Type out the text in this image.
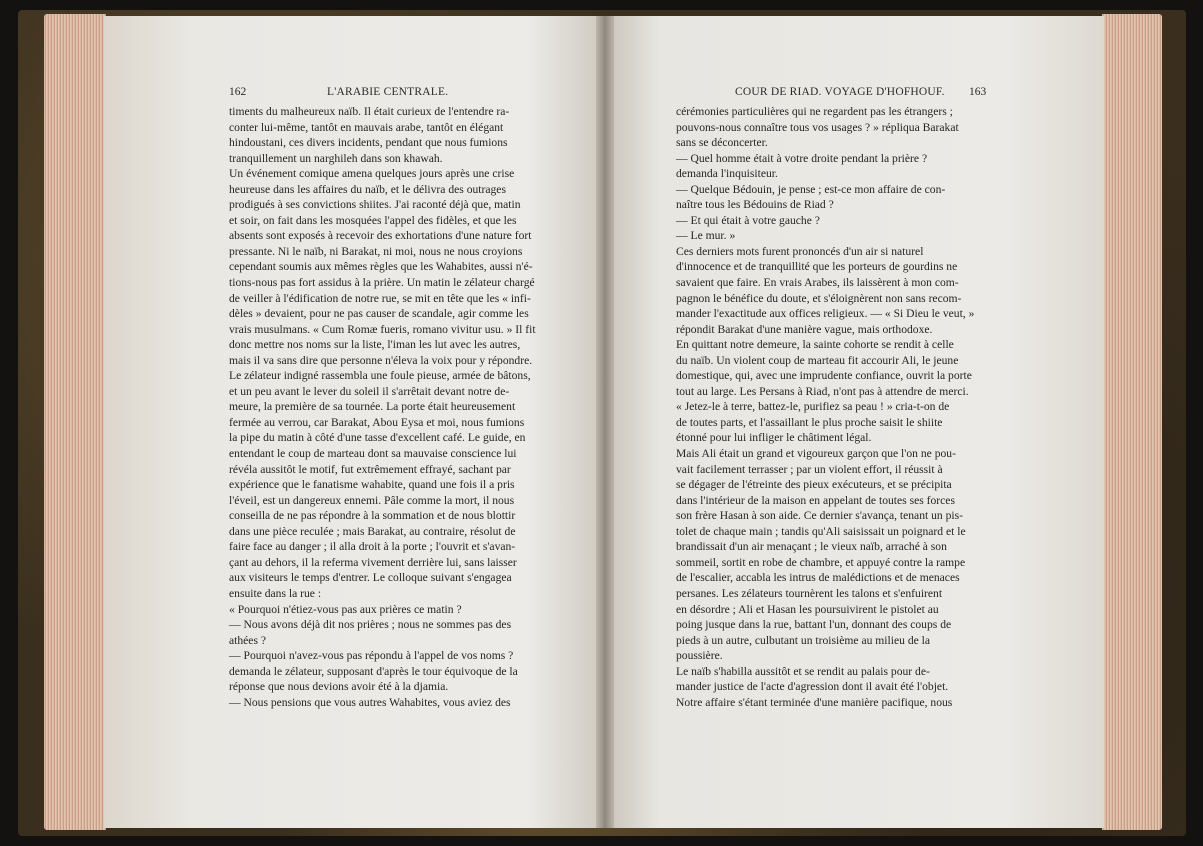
162	L'ARABIE CENTRALE.	COUR DE RIAD. VOYAGE D'HOFHOUF. 163
timents du malheureux naïb. Il était curieux de l'entendre ra-
conter lui-même, tantôt en mauvais arabe, tantôt en élégant
hindoustani, ces divers incidents, pendant que nous fumions
tranquillement un narghileh dans son khawah.
Un événement comique amena quelques jours après une crise
heureuse dans les affaires du naïb, et le délivra des outrages
prodigués à ses convictions shiites. J'ai raconté déjà que, matin
et soir, on fait dans les mosquées l'appel des fidèles, et que les
absents sont exposés à recevoir des exhortations d'une nature fort
pressante. Ni le naïb, ni Barakat, ni moi, nous ne nous croyions
cependant soumis aux mêmes règles que les Wahabites, aussi n'é-
tions-nous pas fort assidus à la prière. Un matin le zélateur chargé
de veiller à l'édification de notre rue, se mit en tête que les « infi-
dèles » devaient, pour ne pas causer de scandale, agir comme les
vrais musulmans. « Cum Romæ fueris, romano vivitur usu. » Il fit
donc mettre nos noms sur la liste, l'iman les lut avec les autres,
mais il va sans dire que personne n'éleva la voix pour y répondre.
Le zélateur indigné rassembla une foule pieuse, armée de bâtons,
et un peu avant le lever du soleil il s'arrêtait devant notre de-
meure, la première de sa tournée. La porte était heureusement
fermée au verrou, car Barakat, Abou Eysa et moi, nous fumions
la pipe du matin à côté d'une tasse d'excellent café. Le guide, en
entendant le coup de marteau dont sa mauvaise conscience lui
révéla aussitôt le motif, fut extrêmement effrayé, sachant par
expérience que le fanatisme wahabite, quand une fois il a pris
l'éveil, est un dangereux ennemi. Pâle comme la mort, il nous
conseilla de ne pas répondre à la sommation et de nous blottir
dans une pièce reculée ; mais Barakat, au contraire, résolut de
faire face au danger ; il alla droit à la porte ; l'ouvrit et s'avan-
çant au dehors, il la referma vivement derrière lui, sans laisser
aux visiteurs le temps d'entrer. Le colloque suivant s'engagea
ensuite dans la rue :
« Pourquoi n'étiez-vous pas aux prières ce matin ?
— Nous avons déjà dit nos prières ; nous ne sommes pas des
athées ?
— Pourquoi n'avez-vous pas répondu à l'appel de vos noms ?
demanda le zélateur, supposant d'après le tour équivoque de la
réponse que nous devions avoir été à la djamia.
— Nous pensions que vous autres Wahabites, vous aviez des
cérémonies particulières qui ne regardent pas les étrangers ;
pouvons-nous connaître tous vos usages ? » répliqua Barakat
sans se déconcerter.
— Quel homme était à votre droite pendant la prière ?
demanda l'inquisiteur.
— Quelque Bédouin, je pense ; est-ce mon affaire de con-
naître tous les Bédouins de Riad ?
— Et qui était à votre gauche ?
— Le mur. »
Ces derniers mots furent prononcés d'un air si naturel
d'innocence et de tranquillité que les porteurs de gourdins ne
savaient que faire. En vrais Arabes, ils laissèrent à mon com-
pagnon le bénéfice du doute, et s'éloignèrent non sans recom-
mander l'exactitude aux offices religieux. — « Si Dieu le veut, »
répondit Barakat d'une manière vague, mais orthodoxe.
En quittant notre demeure, la sainte cohorte se rendit à celle
du naïb. Un violent coup de marteau fit accourir Ali, le jeune
domestique, qui, avec une imprudente confiance, ouvrit la porte
tout au large. Les Persans à Riad, n'ont pas à attendre de merci.
« Jetez-le à terre, battez-le, purifiez sa peau ! » cria-t-on de
de toutes parts, et l'assaillant le plus proche saisit le shiite
étonné pour lui infliger le châtiment légal.
Mais Ali était un grand et vigoureux garçon que l'on ne pou-
vait facilement terrasser ; par un violent effort, il réussit à
se dégager de l'étreinte des pieux exécuteurs, et se précipita
dans l'intérieur de la maison en appelant de toutes ses forces
son frère Hasan à son aide. Ce dernier s'avança, tenant un pis-
tolet de chaque main ; tandis qu'Ali saisissait un poignard et le
brandissait d'un air menaçant ; le vieux naïb, arraché à son
sommeil, sortit en robe de chambre, et appuyé contre la rampe
de l'escalier, accabla les intrus de malédictions et de menaces
persanes. Les zélateurs tournèrent les talons et s'enfuirent
en désordre ; Ali et Hasan les poursuivirent le pistolet au
poing jusque dans la rue, battant l'un, donnant des coups de
pieds à un autre, culbutant un troisième au milieu de la
poussière.
Le naïb s'habilla aussitôt et se rendit au palais pour de-
mander justice de l'acte d'agression dont il avait été l'objet.
Notre affaire s'étant terminée d'une manière pacifique, nous
